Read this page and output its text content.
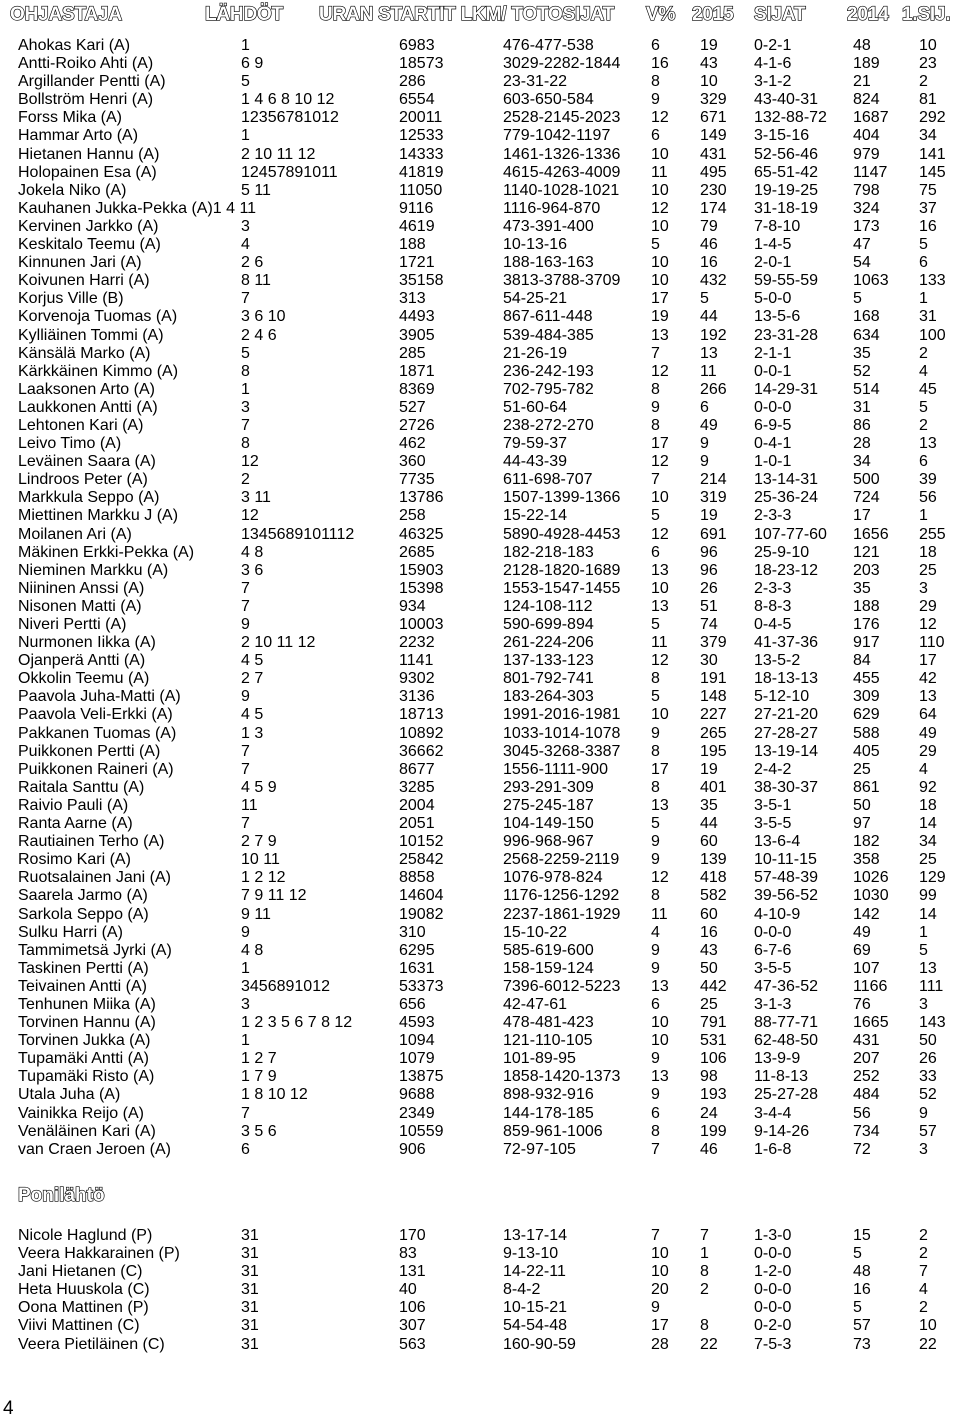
OHJASTAJA	LÄHDÖT URAN STARTIT LKM/ TOTOSIJAT V% 2015 SIJAT 2014 1.SIJ.
Ahokas Kari (A)	1	6983	476-477-538	6	19 0-2-1	48	10
Antti-Roiko Ahti (A)	6 9	18573	3029-2282-1844 16 43 4-1-6	189 23
Argillander Pentti (A)	5	286	23-31-22	8	10 3-1-2	21	2
Bollström Henri (A)	1 4 6 8 10 12	6554	603-650-584	9	329 43-40-31 824 81
Forss Mika (A)	12356781012	20011	2528-2145-2023 12 671 132-88-72 1687 292
Hammar Arto (A)	1	12533	779-1042-1197	6	149 3-15-16	404 34
Hietanen Hannu (A)	2 10 11 12	14333	1461-1326-1336 10 431 52-56-46 979 141
Holopainen Esa (A)	12457891011	41819	4615-4263-4009 11 495 65-51-42 1147 145
Jokela Niko (A)	5 11	11050	1140-1028-1021 10 230 19-19-25 798 75
Kauhanen Jukka-Pekka (A)1 4 11	9116	1116-964-870	12 174 31-18-19 324 37
Kervinen Jarkko (A)	3	4619	473-391-400	10 79 7-8-10	173 16
Keskitalo Teemu (A)	4	188	10-13-16	5	46 1-4-5	47	5
Kinnunen Jari (A)	2 6	1721	188-163-163	10 16 2-0-1	54	6
Koivunen Harri (A)	8 11	35158	3813-3788-3709 10 432 59-55-59 1063 133
Korjus Ville (B)	7	313	54-25-21	17 5	5-0-0	5	1
Korvenoja Tuomas (A)	3 6 10	4493	867-611-448	19 44 13-5-6	168 31
Kylliäinen Tommi (A)	2 4 6	3905	539-484-385	13 192 23-31-28 634 100
Känsälä Marko (A)	5	285	21-26-19	7	13 2-1-1	35	2
Kärkkäinen Kimmo (A)	8	1871	236-242-193	12 11 0-0-1	52	4
Laaksonen Arto (A)	1	8369	702-795-782	8	266 14-29-31 514 45
Laukkonen Antti (A)	3	527	51-60-64	9	6	0-0-0	31	5
Lehtonen Kari (A)	7	2726	238-272-270	8	49 6-9-5	86	2
Leivo Timo (A)	8	462	79-59-37	17 9	0-4-1	28	13
Leväinen Saara (A)	12	360	44-43-39	12 9	1-0-1	34	6
Lindroos Peter (A)	2	7735	611-698-707	7	214 13-14-31 500 39
Markkula Seppo (A)	3 11	13786	1507-1399-1366 10 319 25-36-24 724 56
Miettinen Markku J (A)	12	258	15-22-14	5	19 2-3-3	17	1
Moilanen Ari (A)	1345689101112	46325	5890-4928-4453 12 691 107-77-60 1656 255
Mäkinen Erkki-Pekka (A)	4 8	2685	182-218-183	6	96 25-9-10	121 18
Nieminen Markku (A)	3 6	15903	2128-1820-1689 13 96 18-23-12 203 25
Niininen Anssi (A)	7	15398	1553-1547-1455 10 26 2-3-3	35	3
Nisonen Matti (A)	7	934	124-108-112	13 51 8-8-3	188 29
Niveri Pertti (A)	9	10003	590-699-894	5	74 0-4-5	176 12
Nurmonen Iikka (A)	2 10 11 12	2232	261-224-206	11 379 41-37-36 917 110
Ojanperä Antti (A)	4 5	1141	137-133-123	12 30 13-5-2	84	17
Okkolin Teemu (A)	2 7	9302	801-792-741	8	191 18-13-13 455 42
Paavola Juha-Matti (A)	9	3136	183-264-303	5	148 5-12-10	309 13
Paavola Veli-Erkki (A)	4 5	18713	1991-2016-1981 10 227 27-21-20 629 64
Pakkanen Tuomas (A)	1 3	10892	1033-1014-1078 9	265 27-28-27 588 49
Puikkonen Pertti (A)	7	36662	3045-3268-3387 8	195 13-19-14 405 29
Puikkonen Raineri (A)	7	8677	1556-1111-900	17 19 2-4-2	25	4
Raitala Santtu (A)	4 5 9	3285	293-291-309	8	401 38-30-37 861 92
Raivio Pauli (A)	11	2004	275-245-187	13 35 3-5-1	50	18
Ranta Aarne (A)	7	2051	104-149-150	5	44 3-5-5	97	14
Rautiainen Terho (A)	2 7 9	10152	996-968-967	9	60 13-6-4	182 34
Rosimo Kari (A)	10 11	25842	2568-2259-2119 9	139 10-11-15 358 25
Ruotsalainen Jani (A)	1 2 12	8858	1076-978-824	12 418 57-48-39 1026 129
Saarela Jarmo (A)	7 9 11 12	14604	1176-1256-1292 8	582 39-56-52 1030 99
Sarkola Seppo (A)	9 11	19082	2237-1861-1929 11 60 4-10-9	142 14
Sulku Harri (A)	9	310	15-10-22	4	16 0-0-0	49	1
Tammimetsä Jyrki (A)	4 8	6295	585-619-600	9	43 6-7-6	69	5
Taskinen Pertti (A)	1	1631	158-159-124	9	50 3-5-5	107 13
Teivainen Antti (A)	3456891012	53373	7396-6012-5223 13 442 47-36-52 1166 111
Tenhunen Miika (A)	3	656	42-47-61	6	25 3-1-3	76	3
Torvinen Hannu (A)	1 2 3 5 6 7 8 12	4593	478-481-423	10 791 88-77-71 1665 143
Torvinen Jukka (A)	1	1094	121-110-105	10 531 62-48-50 431 50
Tupamäki Antti (A)	1 2 7	1079	101-89-95	9	106 13-9-9	207 26
Tupamäki Risto (A)	1 7 9	13875	1858-1420-1373 13 98 11-8-13	252 33
Utala Juha (A)	1 8 10 12	9688	898-932-916	9	193 25-27-28 484 52
Vainikka Reijo (A)	7	2349	144-178-185	6	24 3-4-4	56	9
Venäläinen Kari (A)	3 5 6	10559	859-961-1006	8	199 9-14-26	734 57
van Craen Jeroen (A)	6	906	72-97-105	7	46 1-6-8	72	3
Ponilähtö
Nicole Haglund (P)	31	170	13-17-14	7	7	1-3-0	15	2
Veera Hakkarainen (P)	31	83	9-13-10	10 1	0-0-0	5	2
Jani Hietanen (C)	31	131	14-22-11	10 8	1-2-0	48	7
Heta Huuskola (C)	31	40	8-4-2	20 2	0-0-0	16	4
Oona Mattinen (P)	31	106	10-15-21	9	0-0-0	5	2
Viivi Mattinen (C)	31	307	54-54-48	17 8	0-2-0	57	10
Veera Pietiläinen (C)	31	563	160-90-59	28 22 7-5-3	73	22
4
